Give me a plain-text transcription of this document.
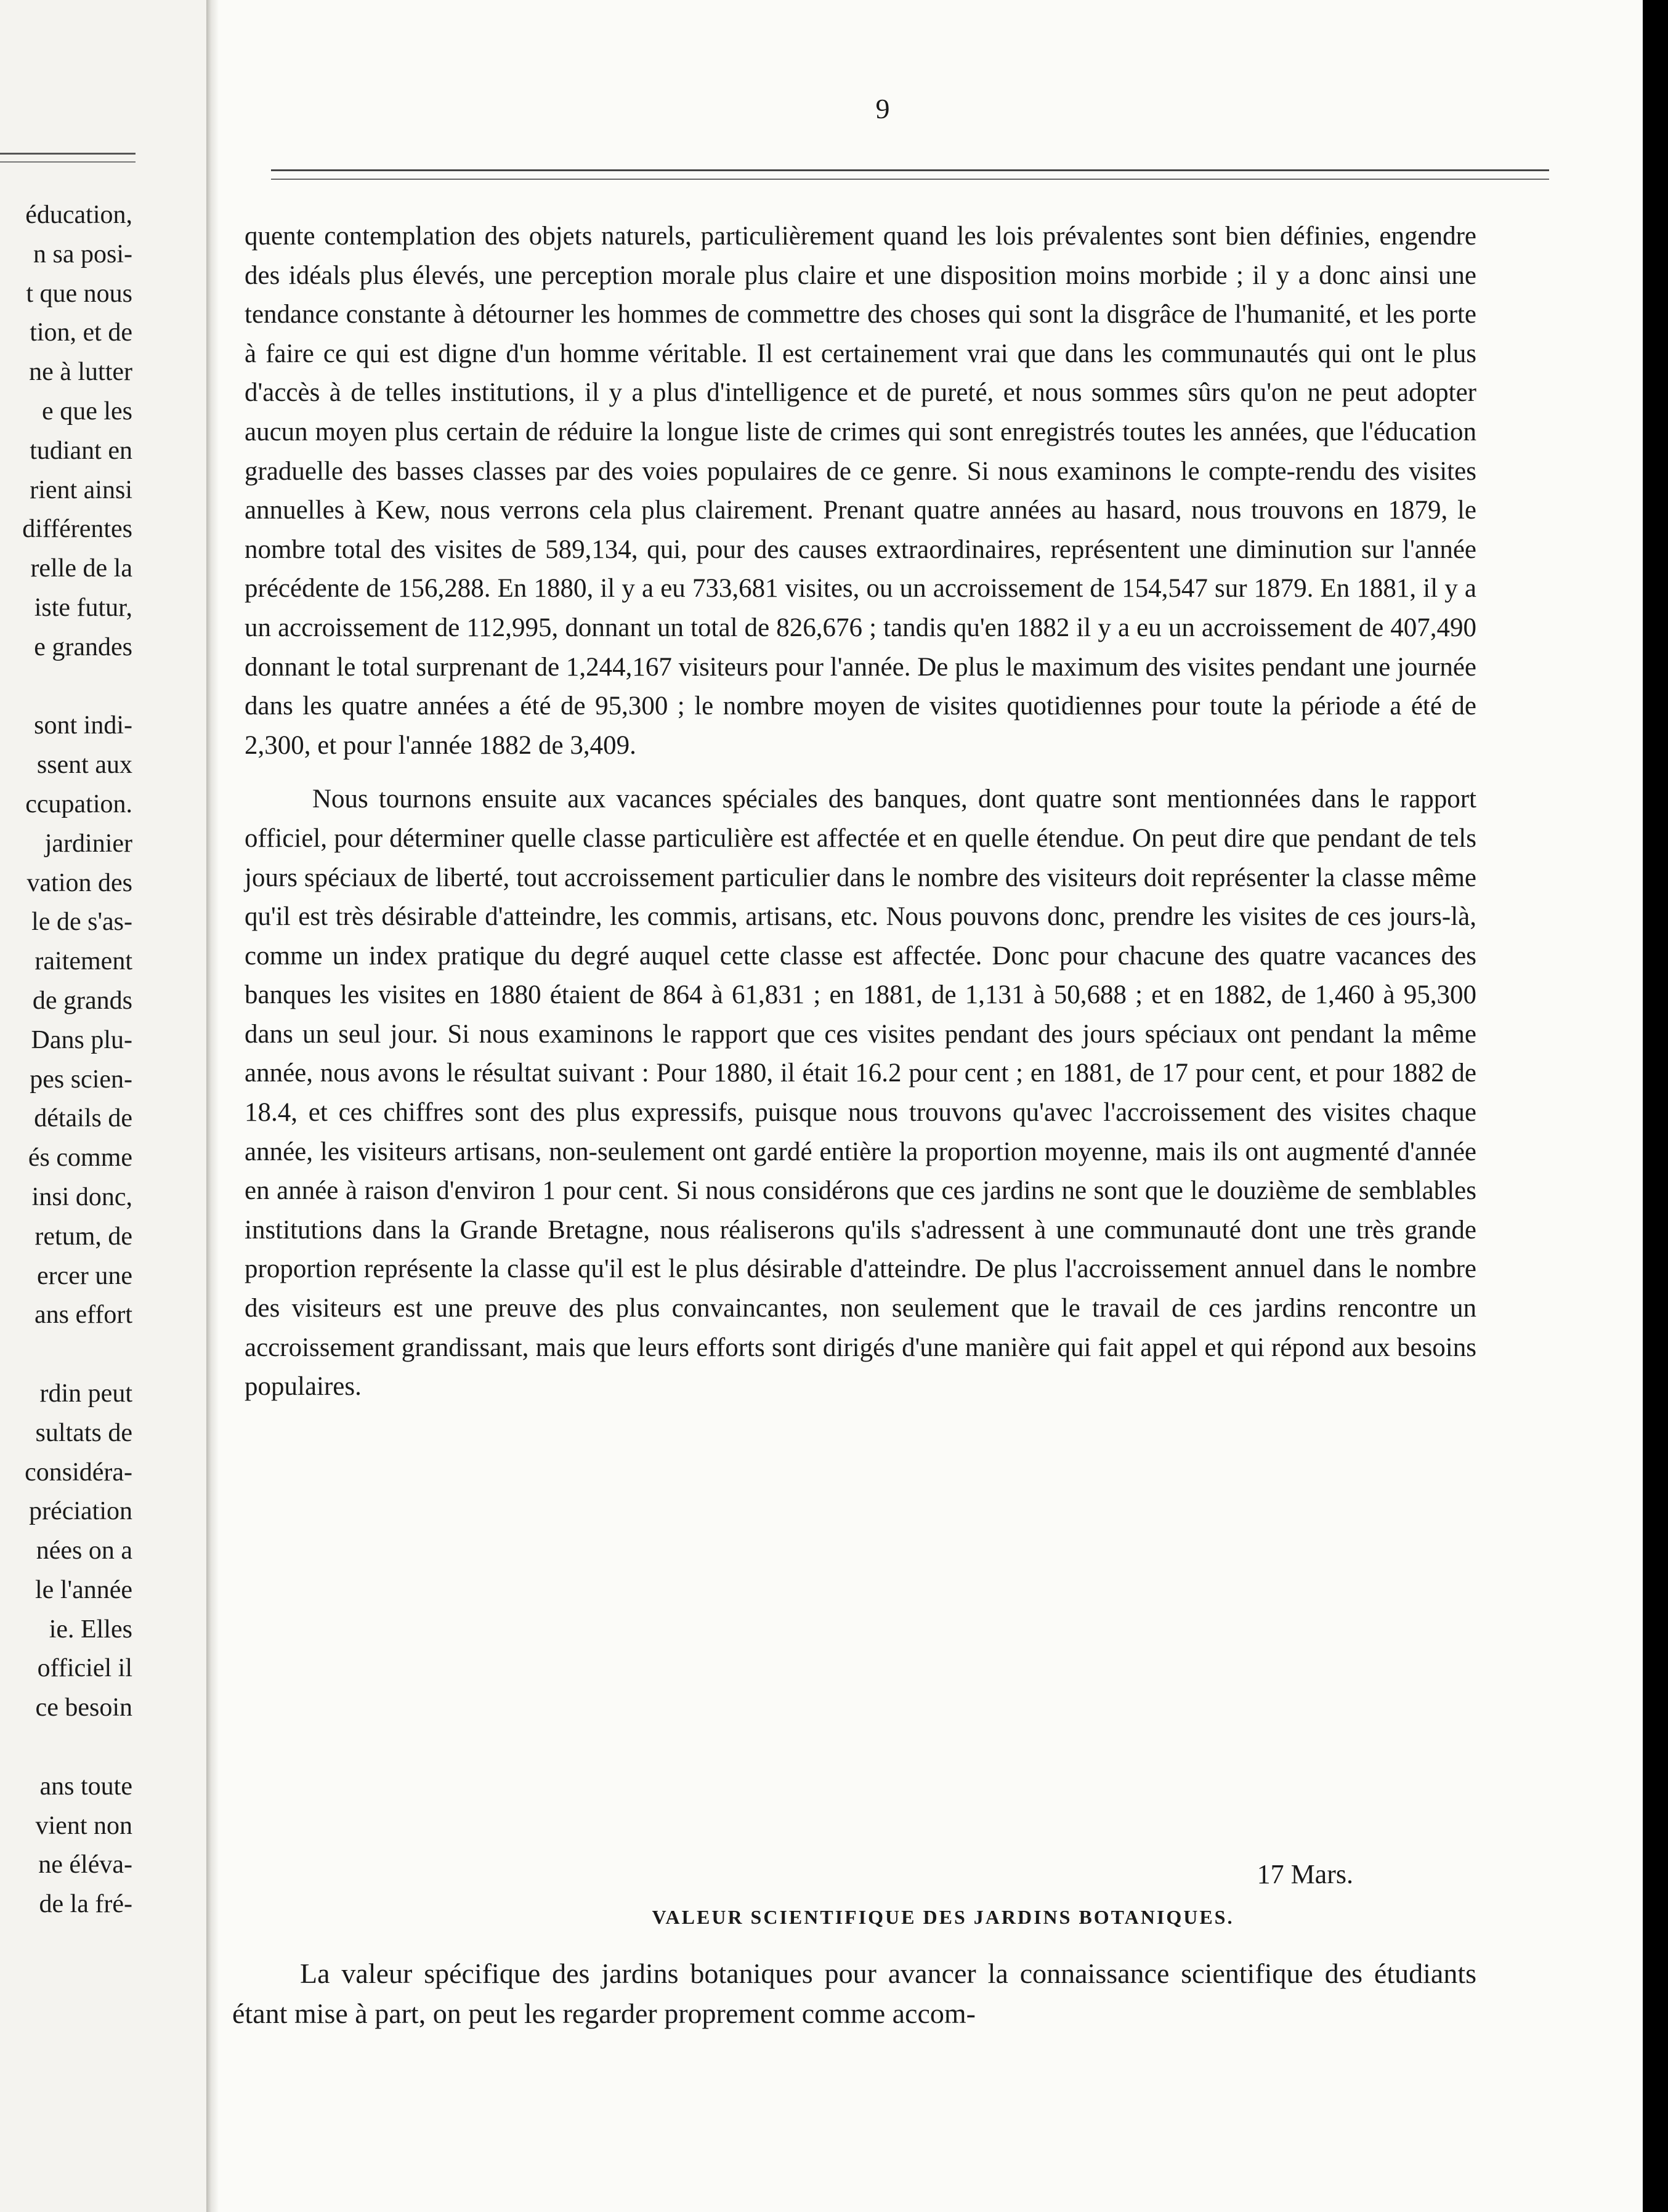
éducation,
n sa posi-
t que nous
tion, et de
ne à lutter
e que les
tudiant en
rient ainsi
différentes
relle de la
iste futur,
e grandes
sont indi-
ssent aux
ccupation.
jardinier
vation des
le de s'as-
raitement
de grands
Dans plu-
pes scien-
détails de
és comme
insi donc,
retum, de
ercer une
ans effort
rdin peut
sultats de
considéra-
préciation
nées on a
le l'année
ie. Elles
officiel il
ce besoin
ans toute
vient non
ne éléva-
de la fré-
9

quente contemplation des objets naturels, particulièrement quand les lois prévalentes sont bien définies, engendre des idéals plus élevés, une perception morale plus claire et une disposition moins morbide ; il y a donc ainsi une tendance constante à détourner les hommes de commettre des choses qui sont la disgrâce de l'humanité, et les porte à faire ce qui est digne d'un homme véritable. Il est certainement vrai que dans les communautés qui ont le plus d'accès à de telles institutions, il y a plus d'intelligence et de pureté, et nous sommes sûrs qu'on ne peut adopter aucun moyen plus certain de réduire la longue liste de crimes qui sont enregistrés toutes les années, que l'éducation graduelle des basses classes par des voies populaires de ce genre. Si nous examinons le compte-rendu des visites annuelles à Kew, nous verrons cela plus clairement. Prenant quatre années au hasard, nous trouvons en 1879, le nombre total des visites de 589,134, qui, pour des causes extraordinaires, représentent une diminution sur l'année précédente de 156,288. En 1880, il y a eu 733,681 visites, ou un accroissement de 154,547 sur 1879. En 1881, il y a un accroissement de 112,995, donnant un total de 826,676 ; tandis qu'en 1882 il y a eu un accroissement de 407,490 donnant le total surprenant de 1,244,167 visiteurs pour l'année. De plus le maximum des visites pendant une journée dans les quatre années a été de 95,300 ; le nombre moyen de visites quotidiennes pour toute la période a été de 2,300, et pour l'année 1882 de 3,409.

Nous tournons ensuite aux vacances spéciales des banques, dont quatre sont mentionnées dans le rapport officiel, pour déterminer quelle classe particulière est affectée et en quelle étendue. On peut dire que pendant de tels jours spéciaux de liberté, tout accroissement particulier dans le nombre des visiteurs doit représenter la classe même qu'il est très désirable d'atteindre, les commis, artisans, etc. Nous pouvons donc, prendre les visites de ces jours-là, comme un index pratique du degré auquel cette classe est affectée. Donc pour chacune des quatre vacances des banques les visites en 1880 étaient de 864 à 61,831 ; en 1881, de 1,131 à 50,688 ; et en 1882, de 1,460 à 95,300 dans un seul jour. Si nous examinons le rapport que ces visites pendant des jours spéciaux ont pendant la même année, nous avons le résultat suivant : Pour 1880, il était 16.2 pour cent ; en 1881, de 17 pour cent, et pour 1882 de 18.4, et ces chiffres sont des plus expressifs, puisque nous trouvons qu'avec l'accroissement des visites chaque année, les visiteurs artisans, non-seulement ont gardé entière la proportion moyenne, mais ils ont augmenté d'année en année à raison d'environ 1 pour cent. Si nous considérons que ces jardins ne sont que le douzième de semblables institutions dans la Grande Bretagne, nous réaliserons qu'ils s'adressent à une communauté dont une très grande proportion représente la classe qu'il est le plus désirable d'atteindre. De plus l'accroissement annuel dans le nombre des visiteurs est une preuve des plus convaincantes, non seulement que le travail de ces jardins rencontre un accroissement grandissant, mais que leurs efforts sont dirigés d'une manière qui fait appel et qui répond aux besoins populaires.

17 Mars.
VALEUR SCIENTIFIQUE DES JARDINS BOTANIQUES.

La valeur spécifique des jardins botaniques pour avancer la connaissance scientifique des étudiants étant mise à part, on peut les regarder proprement comme accom-
